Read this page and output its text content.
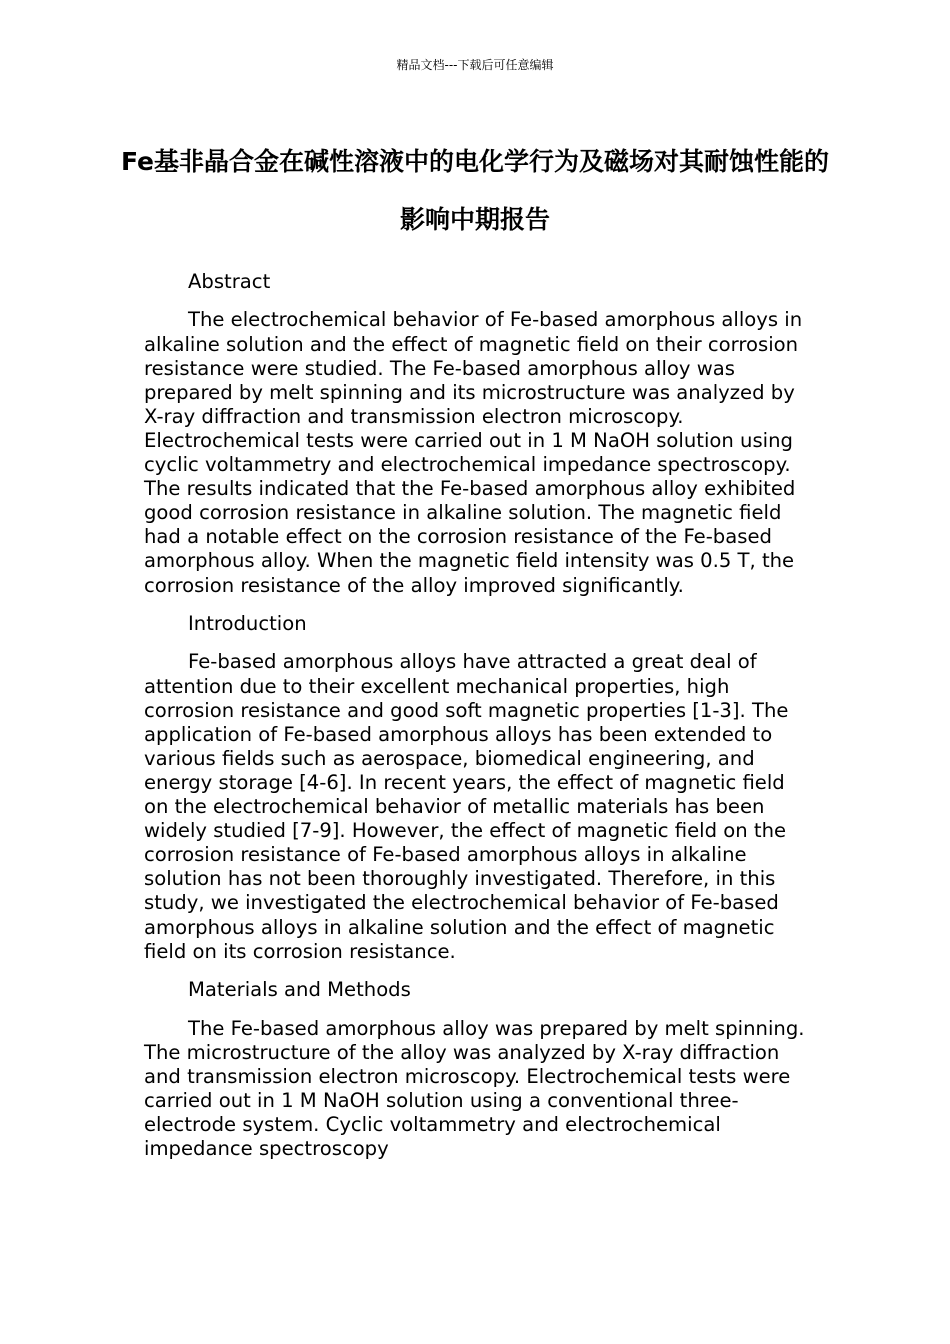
精品文档---下载后可任意编辑
Fe基非晶合金在碱性溶液中的电化学行为及磁场对其耐蚀性能的影响中期报告

Abstract

The electrochemical behavior of Fe-based amorphous alloys in alkaline solution and the effect of magnetic field on their corrosion resistance were studied. The Fe-based amorphous alloy was prepared by melt spinning and its microstructure was analyzed by X-ray diffraction and transmission electron microscopy. Electrochemical tests were carried out in 1 M NaOH solution using cyclic voltammetry and electrochemical impedance spectroscopy. The results indicated that the Fe-based amorphous alloy exhibited good corrosion resistance in alkaline solution. The magnetic field had a notable effect on the corrosion resistance of the Fe-based amorphous alloy. When the magnetic field intensity was 0.5 T, the corrosion resistance of the alloy improved significantly.

Introduction

Fe-based amorphous alloys have attracted a great deal of attention due to their excellent mechanical properties, high corrosion resistance and good soft magnetic properties [1-3]. The application of Fe-based amorphous alloys has been extended to various fields such as aerospace, biomedical engineering, and energy storage [4-6]. In recent years, the effect of magnetic field on the electrochemical behavior of metallic materials has been widely studied [7-9]. However, the effect of magnetic field on the corrosion resistance of Fe-based amorphous alloys in alkaline solution has not been thoroughly investigated. Therefore, in this study, we investigated the electrochemical behavior of Fe-based amorphous alloys in alkaline solution and the effect of magnetic field on its corrosion resistance.

Materials and Methods

The Fe-based amorphous alloy was prepared by melt spinning. The microstructure of the alloy was analyzed by X-ray diffraction and transmission electron microscopy. Electrochemical tests were carried out in 1 M NaOH solution using a conventional three-electrode system. Cyclic voltammetry and electrochemical impedance spectroscopy
